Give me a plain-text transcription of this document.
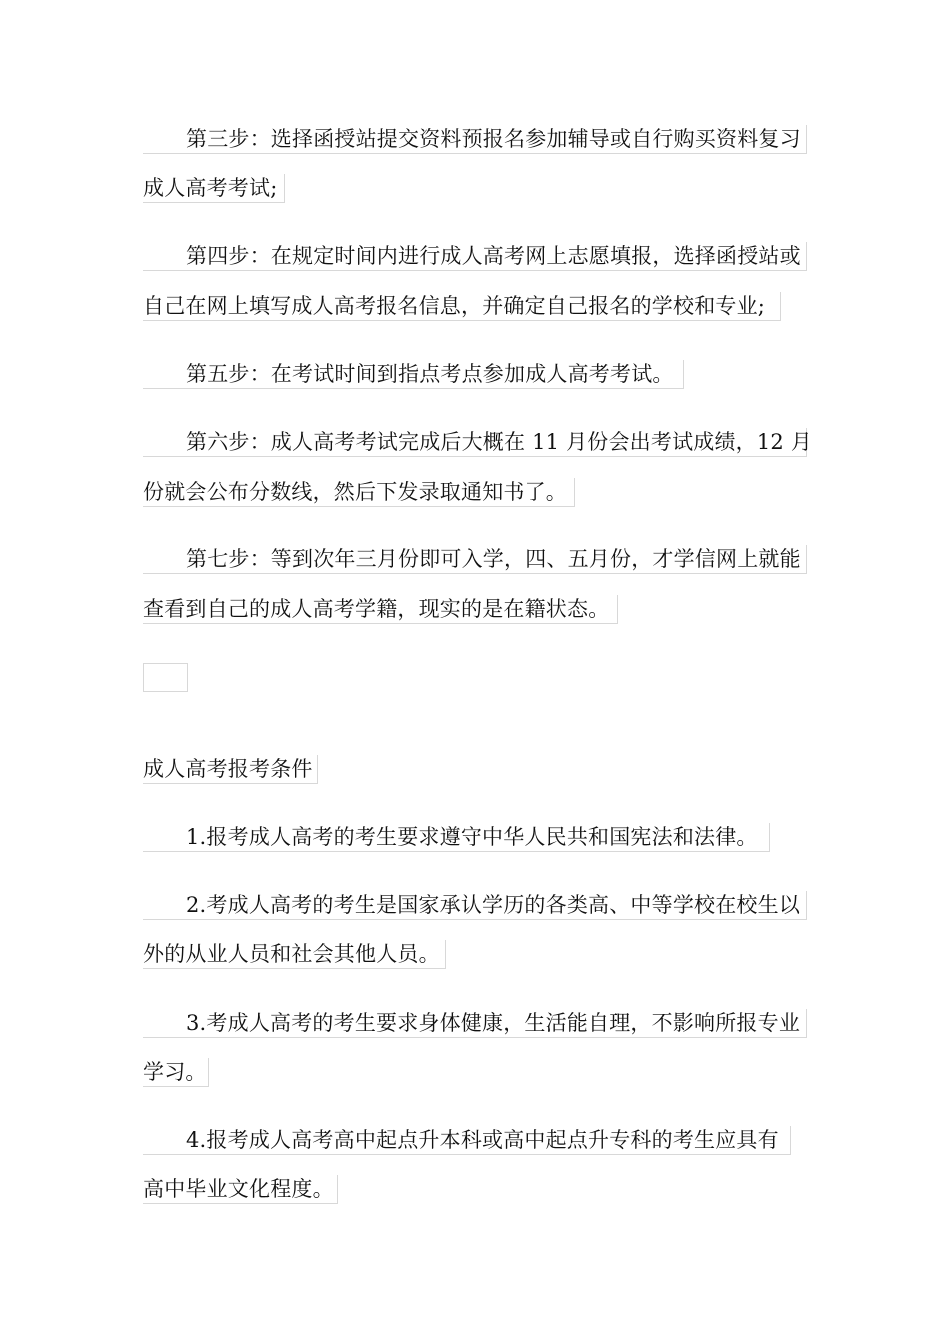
第三步：选择函授站提交资料预报名参加辅导或自行购买资料复习
成人高考考试;
第四步：在规定时间内进行成人高考网上志愿填报，选择函授站或
自己在网上填写成人高考报名信息，并确定自己报名的学校和专业;
第五步：在考试时间到指点考点参加成人高考考试。
第六步：成人高考考试完成后大概在 11 月份会出考试成绩，12 月
份就会公布分数线，然后下发录取通知书了。
第七步：等到次年三月份即可入学，四、五月份，才学信网上就能
查看到自己的成人高考学籍，现实的是在籍状态。
成人高考报考条件
1.报考成人高考的考生要求遵守中华人民共和国宪法和法律。
2.考成人高考的考生是国家承认学历的各类高、中等学校在校生以
外的从业人员和社会其他人员。
3.考成人高考的考生要求身体健康，生活能自理，不影响所报专业
学习。
4.报考成人高考高中起点升本科或高中起点升专科的考生应具有
高中毕业文化程度。
